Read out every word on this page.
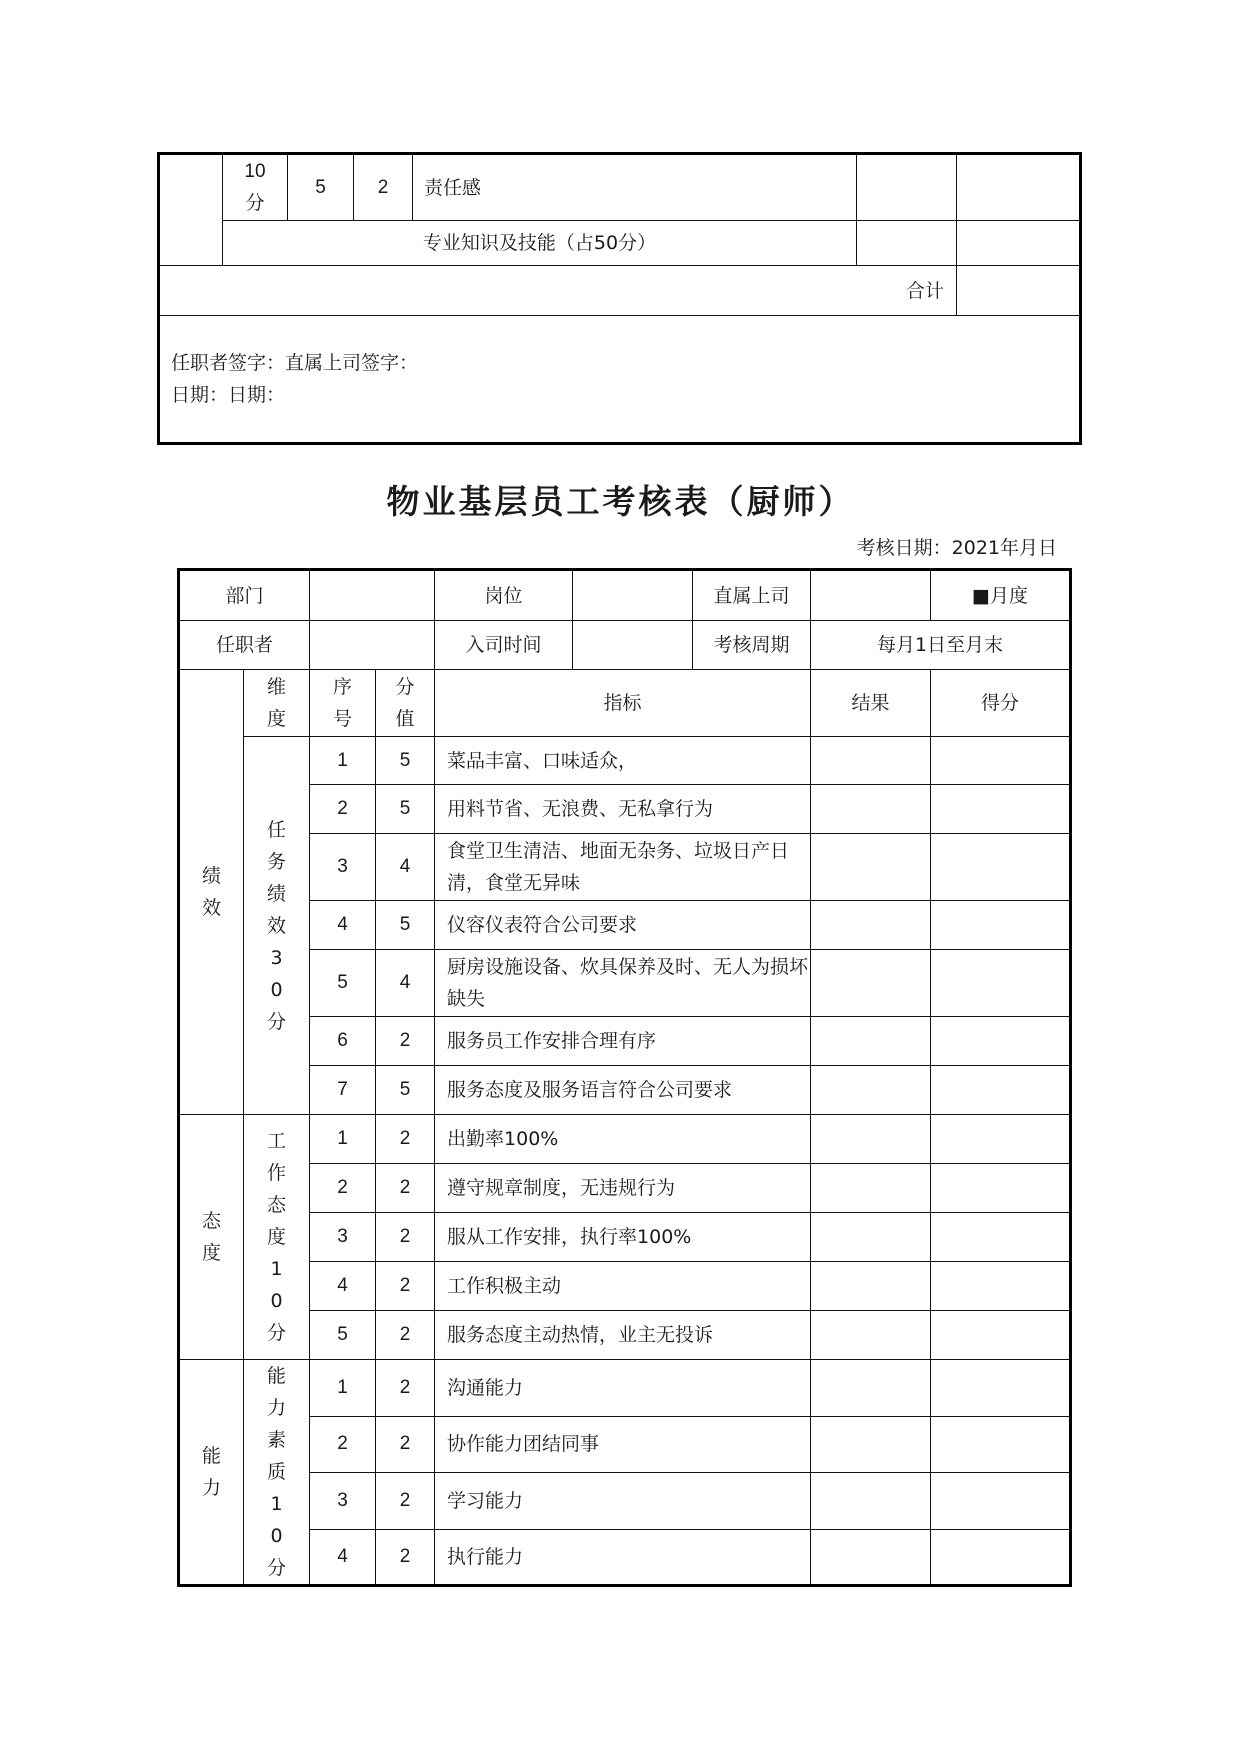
	10分	5	2	责任感		
	专业知识及技能（占50分）					
合计						

任职者签字：直属上司签字：
日期：日期：						
物业基层员工考核表（厨师）
考核日期：2021年月日
部门				岗位		直属上司		■月度
任职者				入司时间		考核周期	每月1日至月末	
绩效	维度	序号	分值	指标			结果	得分
	任务绩效30分	1	5	菜品丰富、口味适众，				
		2	5	用料节省、无浪费、无私拿行为				
		3	4	食堂卫生清洁、地面无杂务、垃圾日产日清，食堂无异味				
		4	5	仪容仪表符合公司要求				
		5	4	厨房设施设备、炊具保养及时、无人为损坏缺失				
		6	2	服务员工作安排合理有序				
		7	5	服务态度及服务语言符合公司要求				
态度	工作态度10分	1	2	出勤率100%				
		2	2	遵守规章制度，无违规行为				
		3	2	服从工作安排，执行率100%				
		4	2	工作积极主动				
		5	2	服务态度主动热情，业主无投诉				
能力	能力素质10分	1	2	沟通能力				
		2	2	协作能力团结同事				
		3	2	学习能力				
		4	2	执行能力				
